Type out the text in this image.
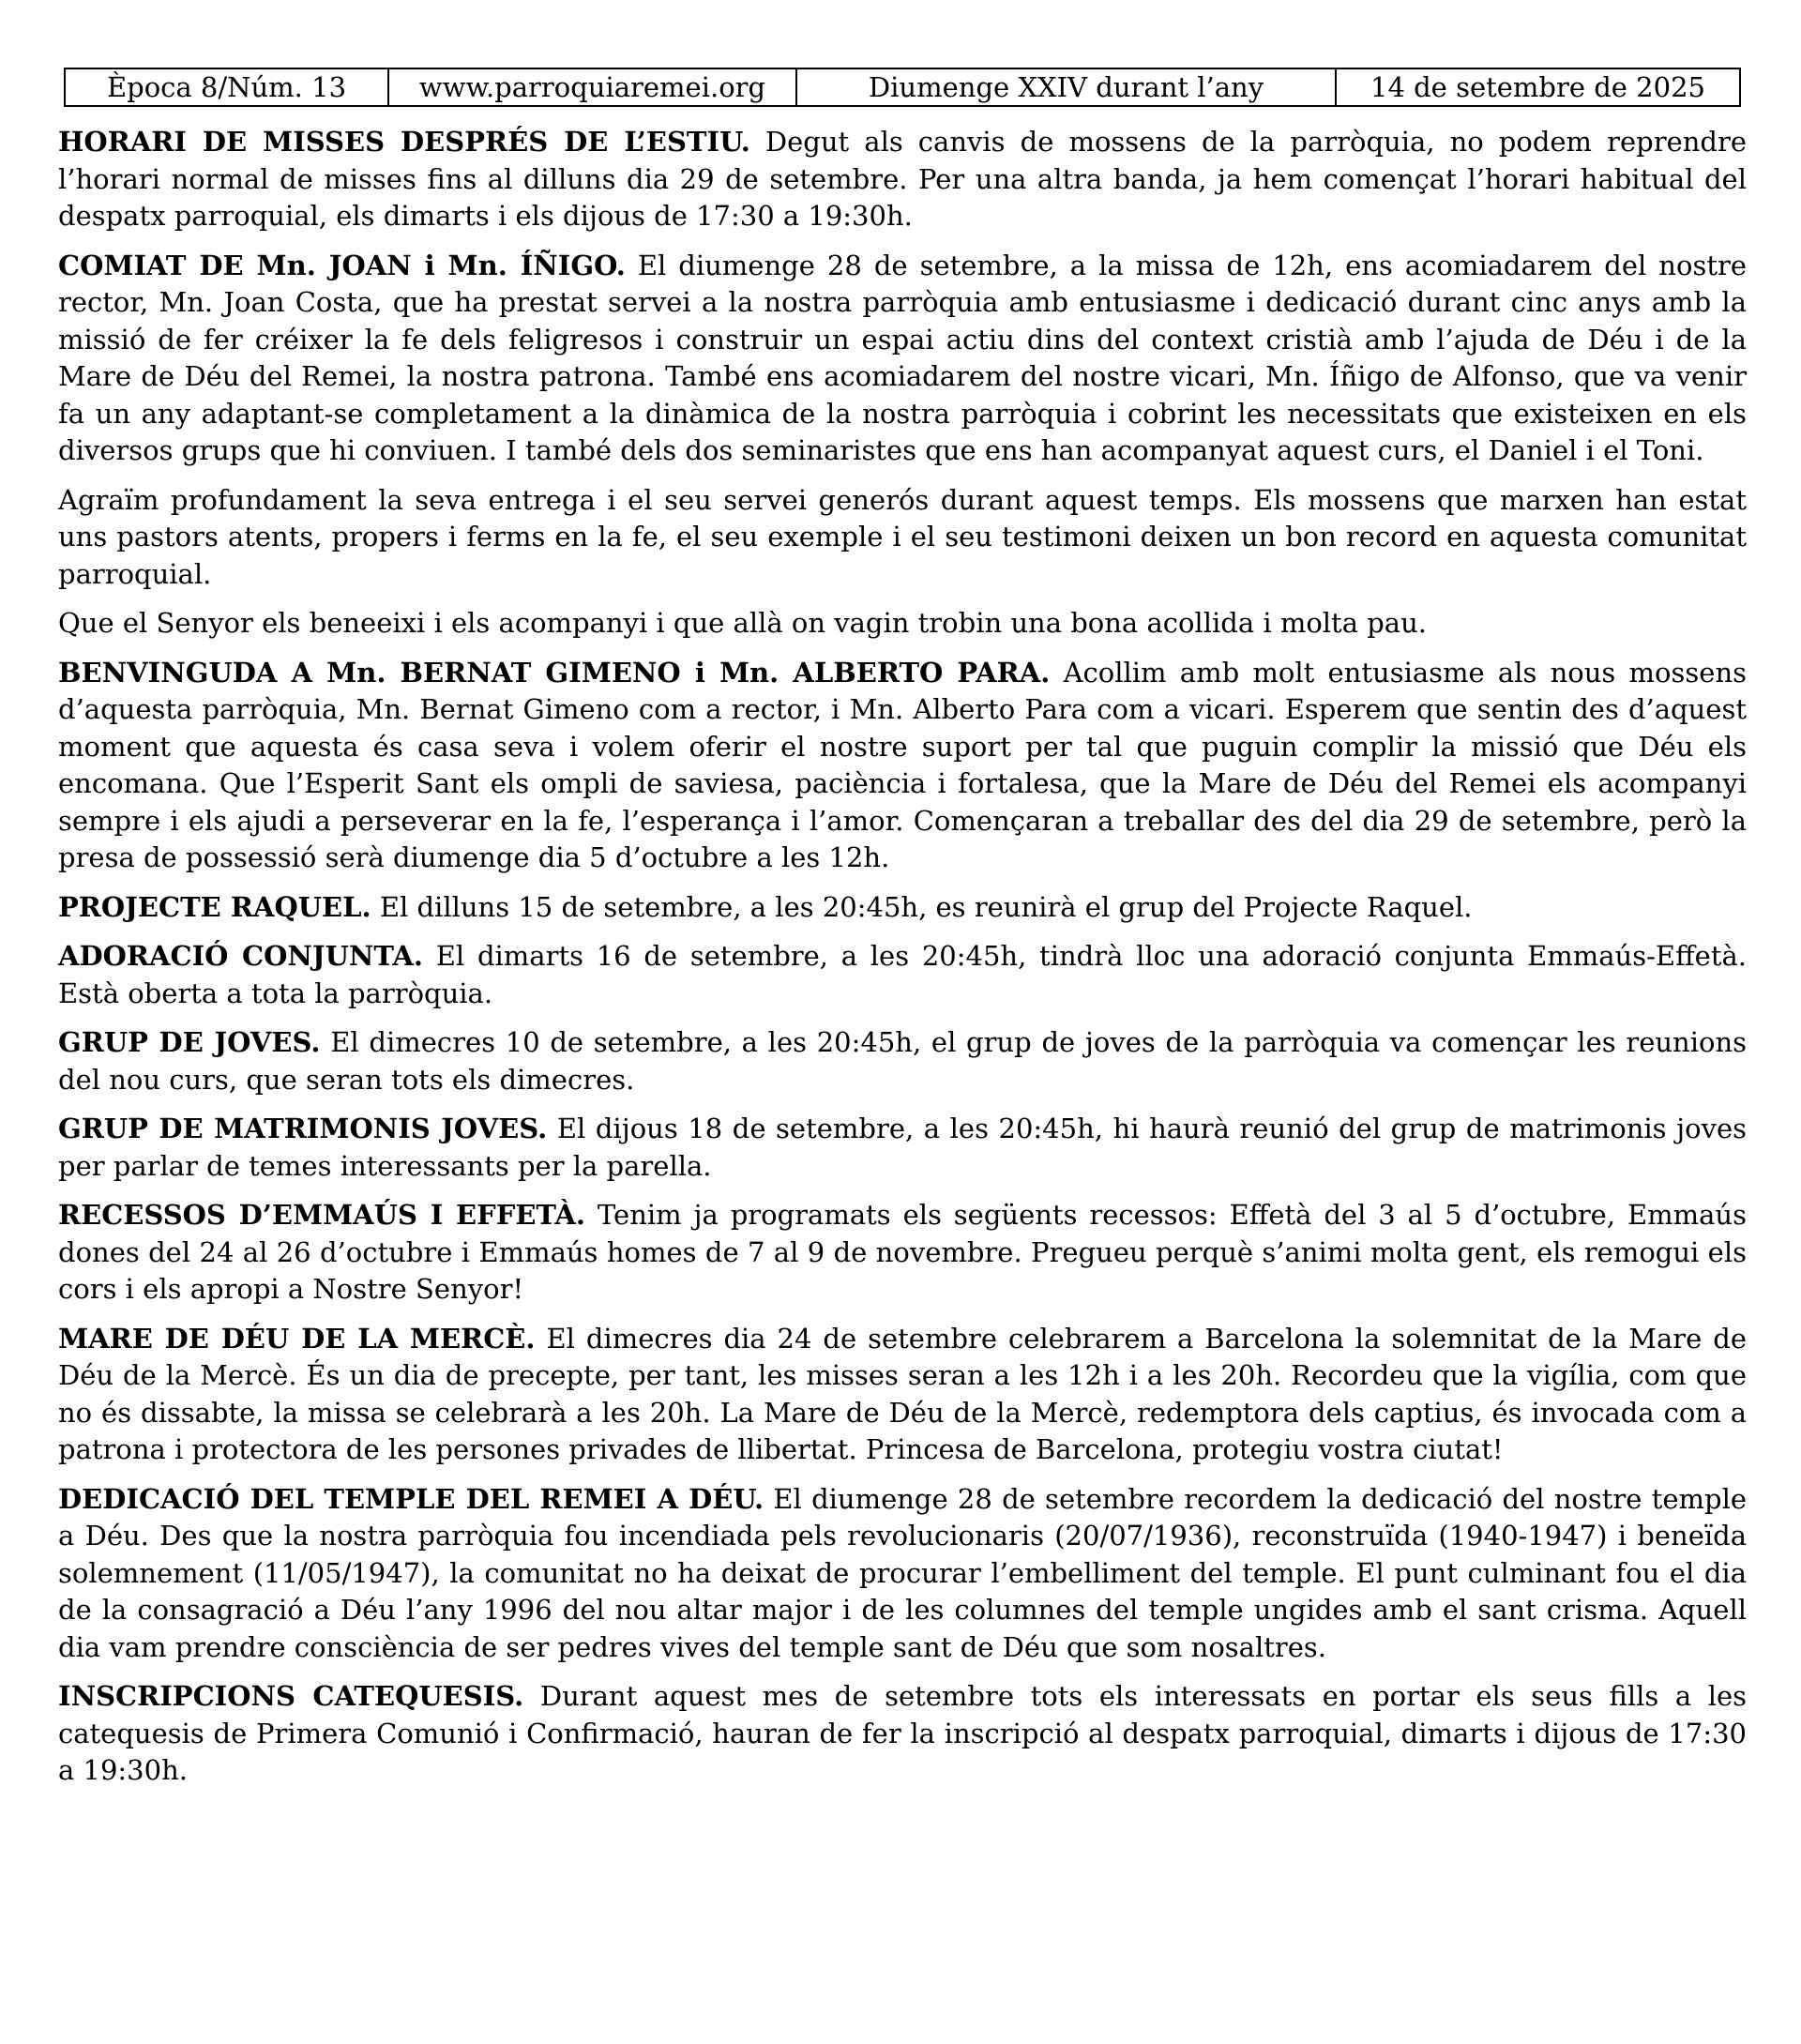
Època 8/Núm. 13	www.parroquiaremei.org	Diumenge XXIV durant l’any	14 de setembre de 2025

HORARI DE MISSES DESPRÉS DE L’ESTIU. Degut als canvis de mossens de la parròquia, no podem reprendre l’horari normal de misses fins al dilluns dia 29 de setembre. Per una altra banda, ja hem començat l’horari habitual del despatx parroquial, els dimarts i els dijous de 17:30 a 19:30h.

COMIAT DE Mn. JOAN i Mn. ÍÑIGO. El diumenge 28 de setembre, a la missa de 12h, ens acomiadarem del nostre rector, Mn. Joan Costa, que ha prestat servei a la nostra parròquia amb entusiasme i dedicació durant cinc anys amb la missió de fer créixer la fe dels feligresos i construir un espai actiu dins del context cristià amb l’ajuda de Déu i de la Mare de Déu del Remei, la nostra patrona. També ens acomiadarem del nostre vicari, Mn. Íñigo de Alfonso, que va venir fa un any adaptant-se completament a la dinàmica de la nostra parròquia i cobrint les necessitats que existeixen en els diversos grups que hi conviuen. I també dels dos seminaristes que ens han acompanyat aquest curs, el Daniel i el Toni.

Agraïm profundament la seva entrega i el seu servei generós durant aquest temps. Els mossens que marxen han estat uns pastors atents, propers i ferms en la fe, el seu exemple i el seu testimoni deixen un bon record en aquesta comunitat parroquial.

Que el Senyor els beneeixi i els acompanyi i que allà on vagin trobin una bona acollida i molta pau.

BENVINGUDA A Mn. BERNAT GIMENO i Mn. ALBERTO PARA. Acollim amb molt entusiasme als nous mossens d’aquesta parròquia, Mn. Bernat Gimeno com a rector, i Mn. Alberto Para com a vicari. Esperem que sentin des d’aquest moment que aquesta és casa seva i volem oferir el nostre suport per tal que puguin complir la missió que Déu els encomana. Que l’Esperit Sant els ompli de saviesa, paciència i fortalesa, que la Mare de Déu del Remei els acompanyi sempre i els ajudi a perseverar en la fe, l’esperança i l’amor. Començaran a treballar des del dia 29 de setembre, però la presa de possessió serà diumenge dia 5 d’octubre a les 12h.

PROJECTE RAQUEL. El dilluns 15 de setembre, a les 20:45h, es reunirà el grup del Projecte Raquel.

ADORACIÓ CONJUNTA. El dimarts 16 de setembre, a les 20:45h, tindrà lloc una adoració conjunta Emmaús-Effetà. Està oberta a tota la parròquia.

GRUP DE JOVES. El dimecres 10 de setembre, a les 20:45h, el grup de joves de la parròquia va començar les reunions del nou curs, que seran tots els dimecres.

GRUP DE MATRIMONIS JOVES. El dijous 18 de setembre, a les 20:45h, hi haurà reunió del grup de matrimonis joves per parlar de temes interessants per la parella.

RECESSOS D’EMMAÚS I EFFETÀ. Tenim ja programats els següents recessos: Effetà del 3 al 5 d’octubre, Emmaús dones del 24 al 26 d’octubre i Emmaús homes de 7 al 9 de novembre. Pregueu perquè s’animi molta gent, els remogui els cors i els apropi a Nostre Senyor!

MARE DE DÉU DE LA MERCÈ. El dimecres dia 24 de setembre celebrarem a Barcelona la solemnitat de la Mare de Déu de la Mercè. És un dia de precepte, per tant, les misses seran a les 12h i a les 20h. Recordeu que la vigília, com que no és dissabte, la missa se celebrarà a les 20h. La Mare de Déu de la Mercè, redemptora dels captius, és invocada com a patrona i protectora de les persones privades de llibertat. Princesa de Barcelona, protegiu vostra ciutat!

DEDICACIÓ DEL TEMPLE DEL REMEI A DÉU. El diumenge 28 de setembre recordem la dedicació del nostre temple a Déu. Des que la nostra parròquia fou incendiada pels revolucionaris (20/07/1936), reconstruïda (1940-1947) i beneïda solemnement (11/05/1947), la comunitat no ha deixat de procurar l’embelliment del temple. El punt culminant fou el dia de la consagració a Déu l’any 1996 del nou altar major i de les columnes del temple ungides amb el sant crisma. Aquell dia vam prendre consciència de ser pedres vives del temple sant de Déu que som nosaltres.

INSCRIPCIONS CATEQUESIS. Durant aquest mes de setembre tots els interessats en portar els seus fills a les catequesis de Primera Comunió i Confirmació, hauran de fer la inscripció al despatx parroquial, dimarts i dijous de 17:30 a 19:30h.
